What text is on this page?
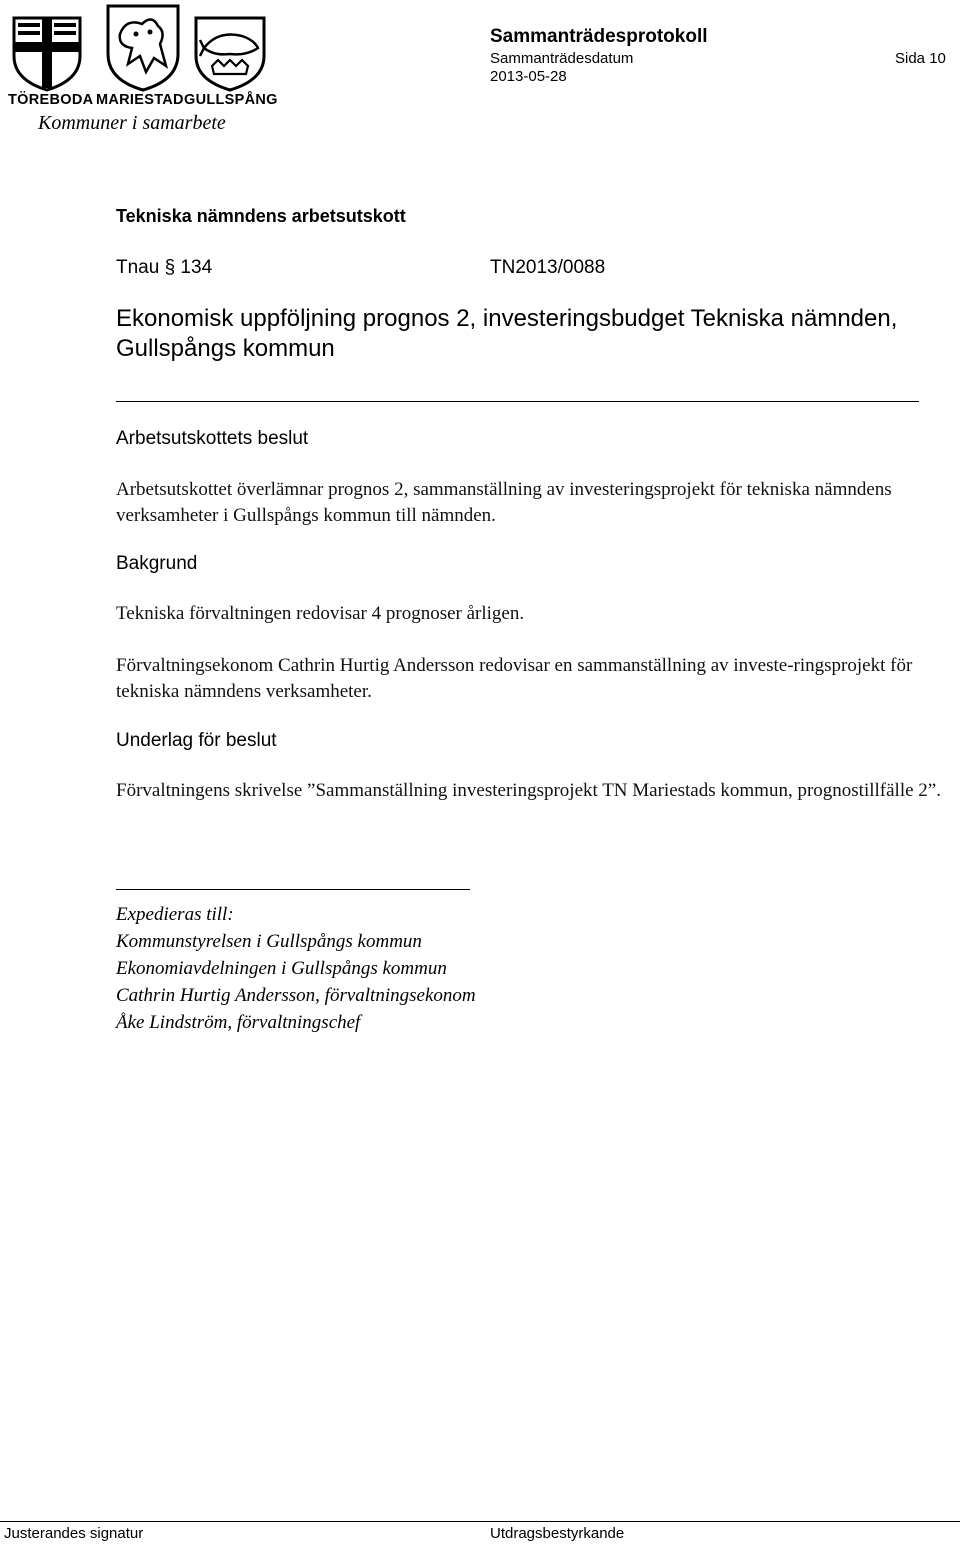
TÖREBODA MARIESTAD GULLSPÅNG
Kommuner i samarbete
Sammanträdesprotokoll
Sammanträdesdatum
2013-05-28
Sida 10
Tekniska nämndens arbetsutskott
Tnau § 134	TN2013/0088
Ekonomisk uppföljning prognos 2, investeringsbudget Tekniska nämnden, Gullspångs kommun
Arbetsutskottets beslut
Arbetsutskottet överlämnar prognos 2, sammanställning av investeringsprojekt för tekniska nämndens verksamheter i Gullspångs kommun till nämnden.
Bakgrund
Tekniska förvaltningen redovisar 4 prognoser årligen.
Förvaltningsekonom Cathrin Hurtig Andersson redovisar en sammanställning av investe-ringsprojekt för tekniska nämndens verksamheter.
Underlag för beslut
Förvaltningens skrivelse ”Sammanställning investeringsprojekt TN Mariestads kommun, prognostillfälle 2”.
Expedieras till:
Kommunstyrelsen i Gullspångs kommun
Ekonomiavdelningen i Gullspångs kommun
Cathrin Hurtig Andersson, förvaltningsekonom
Åke Lindström, förvaltningschef
Justerandes signatur	Utdragsbestyrkande
